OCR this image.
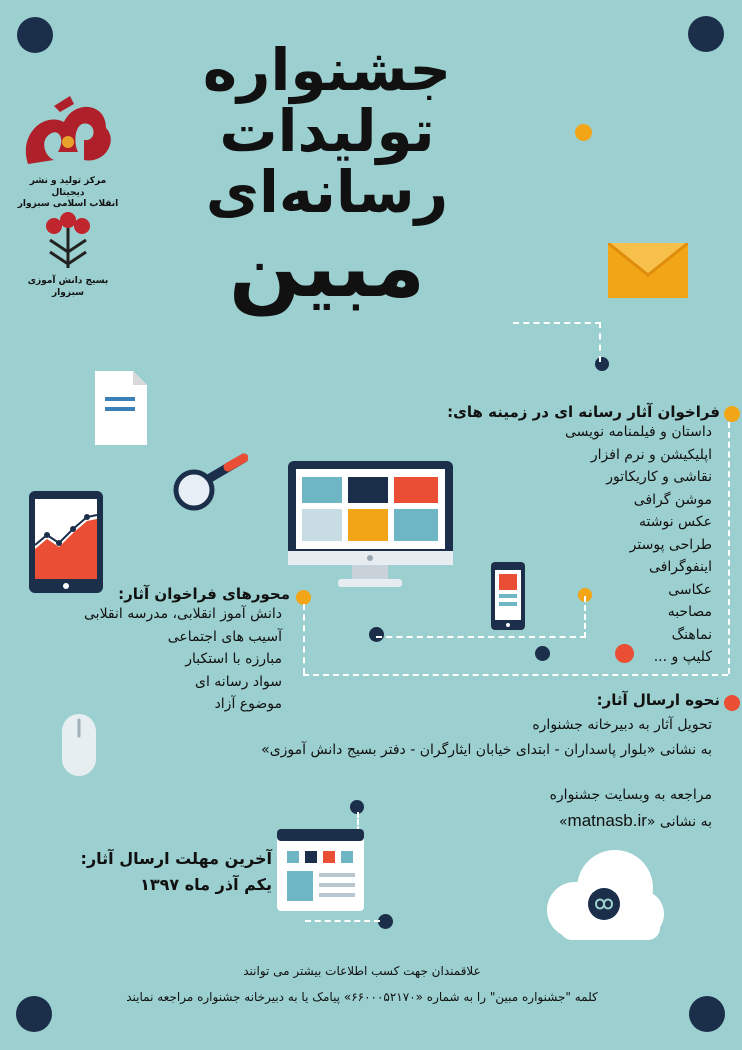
جشنواره
تولیدات
رسانه‌ای
مبین
مرکز تولید و نشر دیجیتال
انقلاب اسلامی سبزوار
بسیج دانش آموزی سبزوار
فراخوان آثار رسانه ای در زمینه های:
داستان و فیلمنامه نویسی
اپلیکیشن و نرم افزار
نقاشی و کاریکاتور
موشن گرافی
عکس نوشته
طراحی پوستر
اینفوگرافی
عکاسی
مصاحبه
نماهنگ
کلیپ و ...
محورهای فراخوان آثار:
دانش آموز انقلابی، مدرسه انقلابی
آسیب های اجتماعی
مبارزه با استکبار
سواد رسانه ای
موضوع آزاد	نحوه ارسال آثار:
تحویل آثار به دبیرخانه جشنواره
به نشانی «بلوار پاسداران - ابتدای خیابان ایثارگران - دفتر بسیج دانش آموزی»
مراجعه به وبسایت جشنواره
به نشانی «matnasb.ir»
آخرین مهلت ارسال آثار:
یکم آذر ماه ۱۳۹۷
علاقمندان جهت کسب اطلاعات بیشتر می توانند
کلمه "جشنواره مبین" را به شماره «۶۶۰۰۰۵۲۱۷۰» پیامک یا به دبیرخانه جشنواره مراجعه نمایند
